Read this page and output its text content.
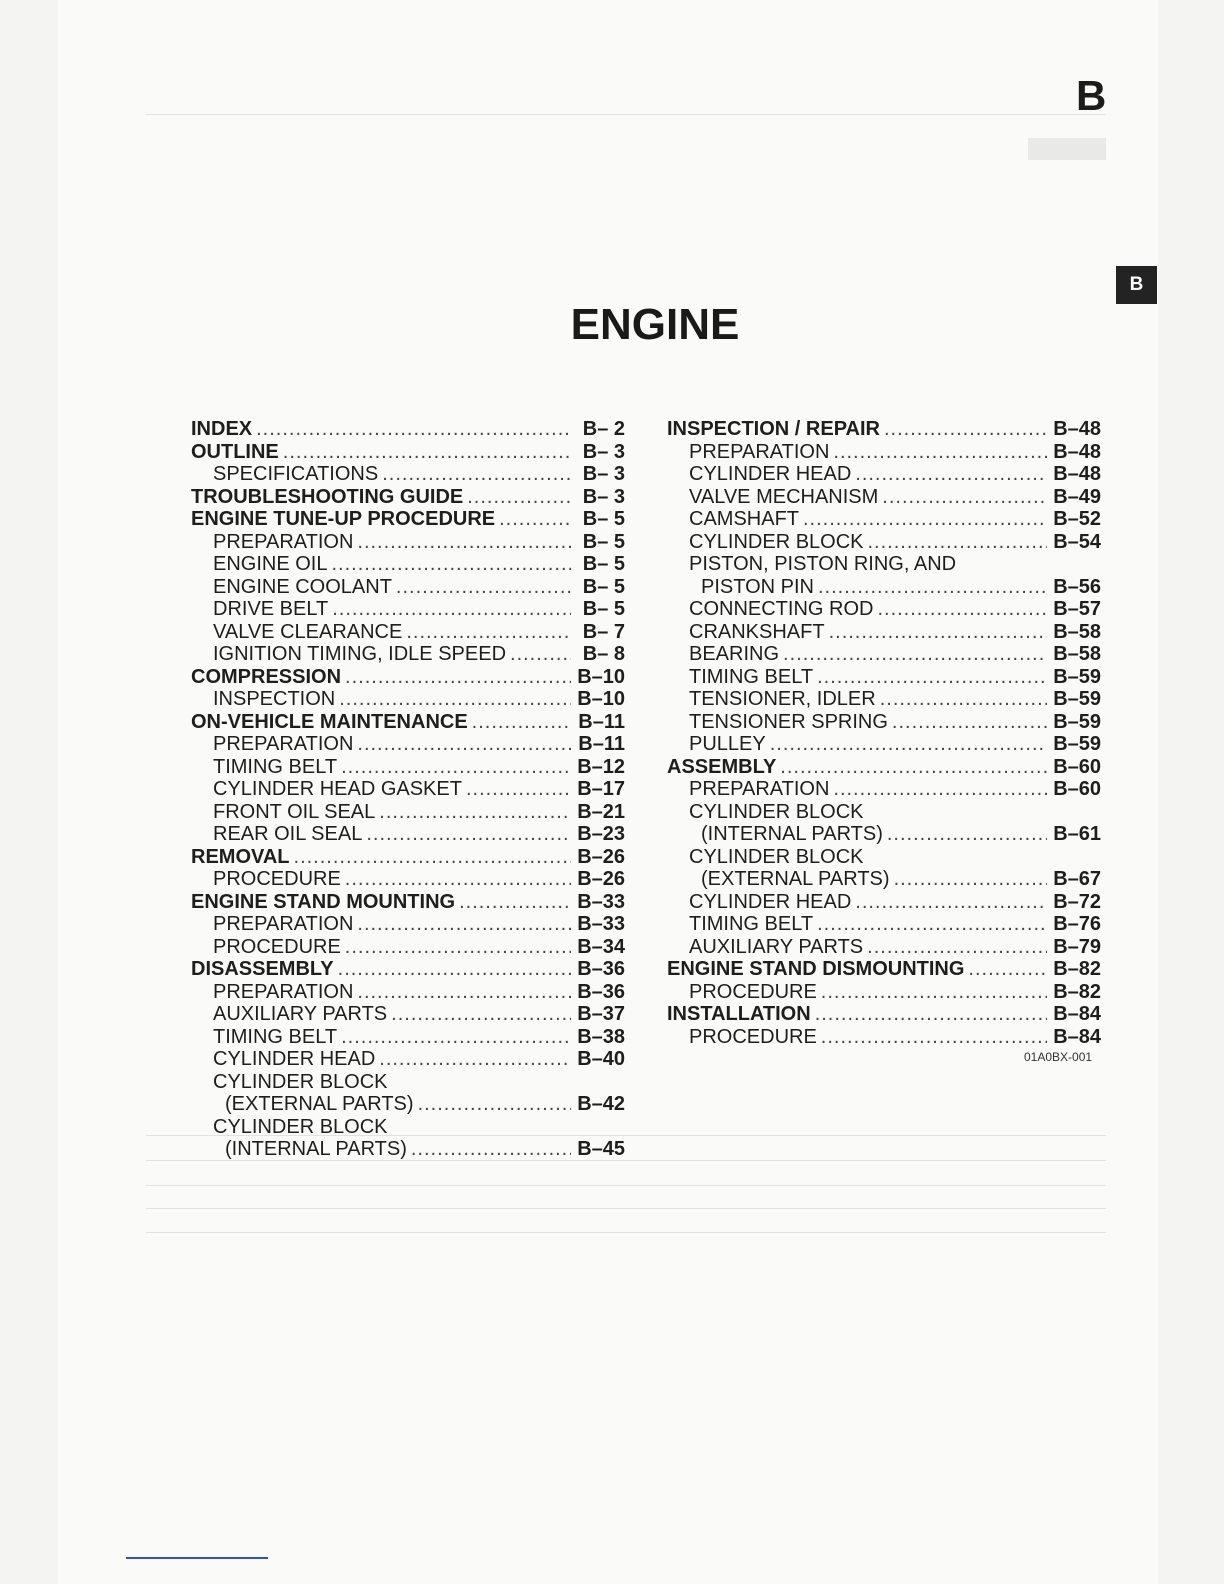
B
B
ENGINE
INDEX .....	B– 2
OUTLINE .....	B– 3
SPECIFICATIONS .....	B– 3
TROUBLESHOOTING GUIDE .....	B– 3
ENGINE TUNE-UP PROCEDURE .....	B– 5
PREPARATION .....	B– 5
ENGINE OIL .....	B– 5
ENGINE COOLANT .....	B– 5
DRIVE BELT .....	B– 5
VALVE CLEARANCE .....	B– 7
IGNITION TIMING, IDLE SPEED .....	B– 8
COMPRESSION .....	B–10
INSPECTION .....	B–10
ON-VEHICLE MAINTENANCE .....	B–11
PREPARATION .....	B–11
TIMING BELT .....	B–12
CYLINDER HEAD GASKET .....	B–17
FRONT OIL SEAL .....	B–21
REAR OIL SEAL .....	B–23
REMOVAL .....	B–26
PROCEDURE .....	B–26
ENGINE STAND MOUNTING .....	B–33
PREPARATION .....	B–33
PROCEDURE .....	B–34
DISASSEMBLY .....	B–36
PREPARATION .....	B–36
AUXILIARY PARTS .....	B–37
TIMING BELT .....	B–38
CYLINDER HEAD .....	B–40
CYLINDER BLOCK
(EXTERNAL PARTS) .....	B–42
CYLINDER BLOCK
(INTERNAL PARTS) .....	B–45
INSPECTION / REPAIR .....	B–48
PREPARATION .....	B–48
CYLINDER HEAD .....	B–48
VALVE MECHANISM .....	B–49
CAMSHAFT .....	B–52
CYLINDER BLOCK .....	B–54
PISTON, PISTON RING, AND
PISTON PIN .....	B–56
CONNECTING ROD .....	B–57
CRANKSHAFT .....	B–58
BEARING .....	B–58
TIMING BELT .....	B–59
TENSIONER, IDLER .....	B–59
TENSIONER SPRING .....	B–59
PULLEY .....	B–59
ASSEMBLY .....	B–60
PREPARATION .....	B–60
CYLINDER BLOCK
(INTERNAL PARTS) .....	B–61
CYLINDER BLOCK
(EXTERNAL PARTS) .....	B–67
CYLINDER HEAD .....	B–72
TIMING BELT .....	B–76
AUXILIARY PARTS .....	B–79
ENGINE STAND DISMOUNTING .....	B–82
PROCEDURE .....	B–82
INSTALLATION .....	B–84
PROCEDURE .....	B–84
01A0BX-001
